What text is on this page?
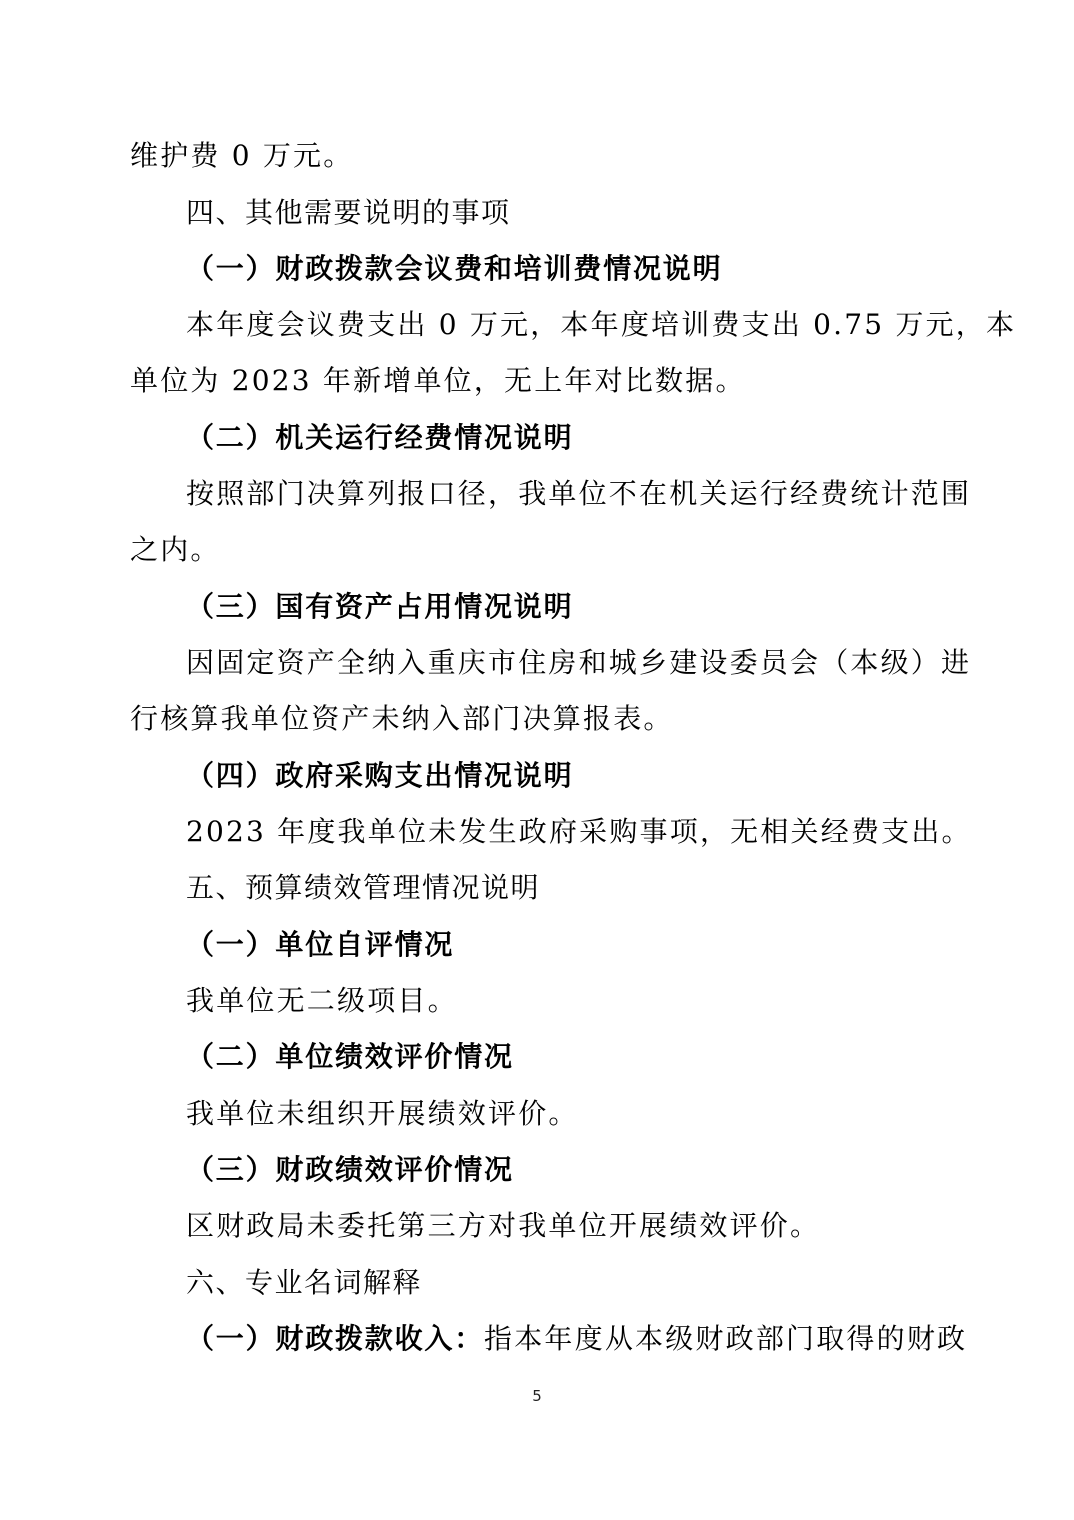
维护费 0 万元。
四、其他需要说明的事项
（一）财政拨款会议费和培训费情况说明
本年度会议费支出 0 万元，本年度培训费支出 0.75 万元，本
单位为 2023 年新增单位，无上年对比数据。
（二）机关运行经费情况说明
按照部门决算列报口径，我单位不在机关运行经费统计范围
之内。
（三）国有资产占用情况说明
因固定资产全纳入重庆市住房和城乡建设委员会（本级）进
行核算我单位资产未纳入部门决算报表。
（四）政府采购支出情况说明
2023 年度我单位未发生政府采购事项，无相关经费支出。
五、预算绩效管理情况说明
（一）单位自评情况
我单位无二级项目。
（二）单位绩效评价情况
我单位未组织开展绩效评价。
（三）财政绩效评价情况
区财政局未委托第三方对我单位开展绩效评价。
六、专业名词解释
（一）财政拨款收入：指本年度从本级财政部门取得的财政
5
